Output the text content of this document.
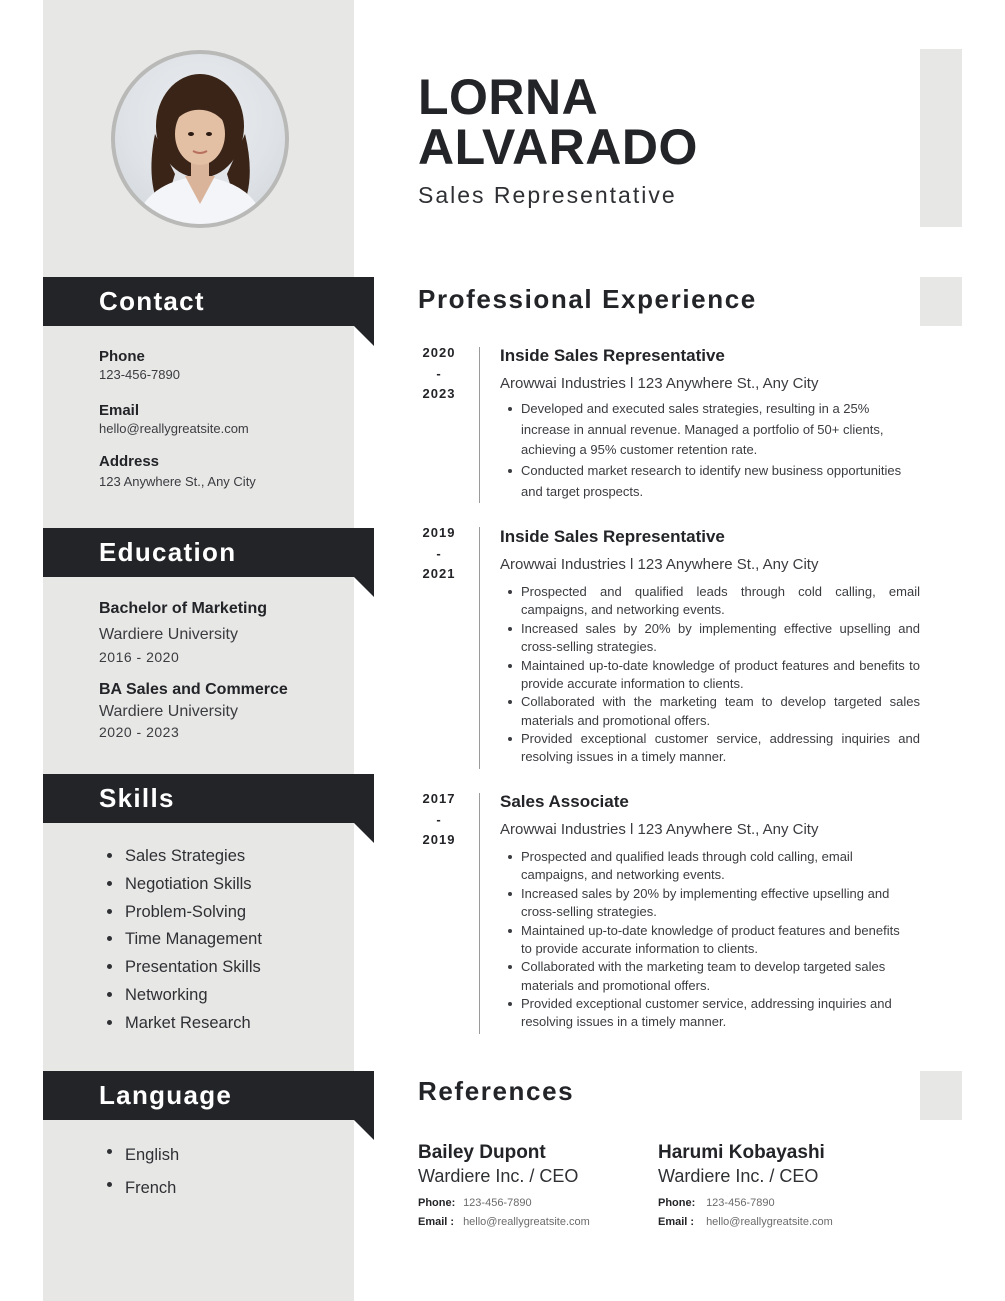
LORNA
ALVARADO
Sales Representative
Contact
Phone
123-456-7890
Email
hello@reallygreatsite.com
Address
123 Anywhere St., Any City
Education
Bachelor of Marketing
Wardiere University
2016 - 2020
BA Sales and Commerce
Wardiere University
2020 - 2023
Skills
Sales Strategies
Negotiation Skills
Problem-Solving
Time Management
Presentation Skills
Networking
Market Research
Language
English
French
Professional Experience
2020
-
2023
Inside Sales Representative
Arowwai Industries l 123 Anywhere St., Any City
Developed and executed sales strategies, resulting in a 25% increase in annual revenue. Managed a portfolio of 50+ clients, achieving a 95% customer retention rate.
Conducted market research to identify new business opportunities and target prospects.
2019
-
2021
Inside Sales Representative
Arowwai Industries l 123 Anywhere St., Any City
Prospected and qualified leads through cold calling, email campaigns, and networking events.
Increased sales by 20% by implementing effective upselling and cross-selling strategies.
Maintained up-to-date knowledge of product features and benefits to provide accurate information to clients.
Collaborated with the marketing team to develop targeted sales materials and promotional offers.
Provided exceptional customer service, addressing inquiries and resolving issues in a timely manner.
2017
-
2019
Sales Associate
Arowwai Industries l 123 Anywhere St., Any City
Prospected and qualified leads through cold calling, email campaigns, and networking events.
Increased sales by 20% by implementing effective upselling and cross-selling strategies.
Maintained up-to-date knowledge of product features and benefits to provide accurate information to clients.
Collaborated with the marketing team to develop targeted sales materials and promotional offers.
Provided exceptional customer service, addressing inquiries and resolving issues in a timely manner.
References
Bailey Dupont
Wardiere Inc. / CEO
Phone: 123-456-7890
Email : hello@reallygreatsite.com
Harumi Kobayashi
Wardiere Inc. / CEO
Phone: 123-456-7890
Email : hello@reallygreatsite.com
